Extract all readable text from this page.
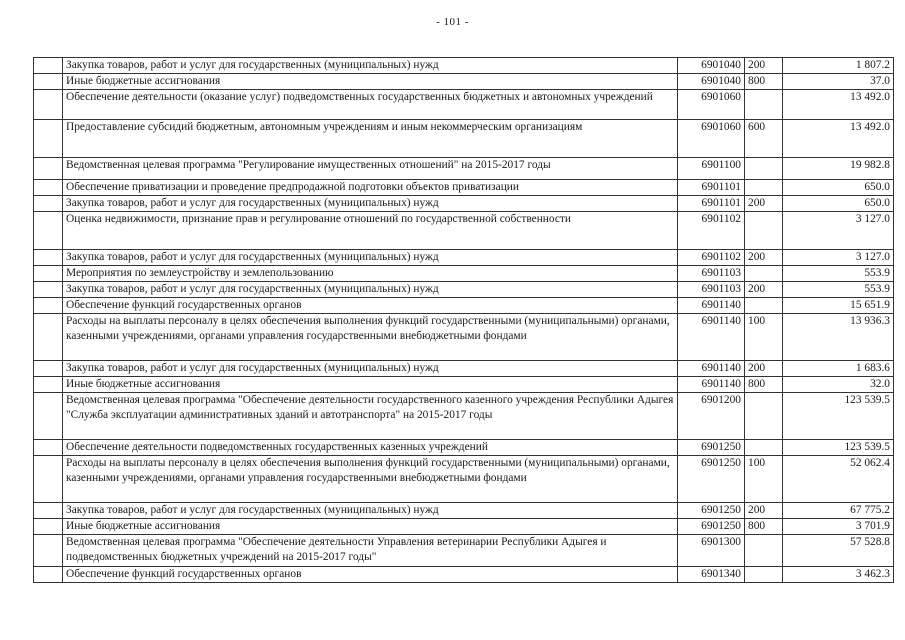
- 101 -
	Закупка товаров, работ и услуг для государственных (муниципальных) нужд	6901040	200	1 807.2
	Иные бюджетные ассигнования	6901040	800	37.0
	Обеспечение деятельности (оказание услуг) подведомственных государственных бюджетных и автономных учреждений	6901060		13 492.0
	Предоставление субсидий бюджетным, автономным учреждениям и иным некоммерческим организациям	6901060	600	13 492.0
	Ведомственная целевая программа "Регулирование имущественных отношений" на 2015-2017 годы	6901100		19 982.8
	Обеспечение приватизации и проведение предпродажной подготовки объектов приватизации	6901101		650.0
	Закупка товаров, работ и услуг для государственных (муниципальных) нужд	6901101	200	650.0
	Оценка недвижимости, признание прав и регулирование отношений по государственной собственности	6901102		3 127.0
	Закупка товаров, работ и услуг для государственных (муниципальных) нужд	6901102	200	3 127.0
	Мероприятия по землеустройству и землепользованию	6901103		553.9
	Закупка товаров, работ и услуг для государственных (муниципальных) нужд	6901103	200	553.9
	Обеспечение функций государственных органов	6901140		15 651.9
	Расходы на выплаты персоналу в целях обеспечения выполнения функций государственными (муниципальными) органами, казенными учреждениями, органами управления государственными внебюджетными фондами	6901140	100	13 936.3
	Закупка товаров, работ и услуг для государственных (муниципальных) нужд	6901140	200	1 683.6
	Иные бюджетные ассигнования	6901140	800	32.0
	Ведомственная целевая программа "Обеспечение деятельности государственного казенного учреждения Республики Адыгея "Служба эксплуатации административных зданий и автотранспорта" на 2015-2017 годы	6901200		123 539.5
	Обеспечение деятельности подведомственных государственных казенных учреждений	6901250		123 539.5
	Расходы на выплаты персоналу в целях обеспечения выполнения функций государственными (муниципальными) органами, казенными учреждениями, органами управления государственными внебюджетными фондами	6901250	100	52 062.4
	Закупка товаров, работ и услуг для государственных (муниципальных) нужд	6901250	200	67 775.2
	Иные бюджетные ассигнования	6901250	800	3 701.9
	Ведомственная целевая программа "Обеспечение деятельности Управления ветеринарии Республики Адыгея и подведомственных бюджетных учреждений на 2015-2017 годы"	6901300		57 528.8
	Обеспечение функций государственных органов	6901340		3 462.3
